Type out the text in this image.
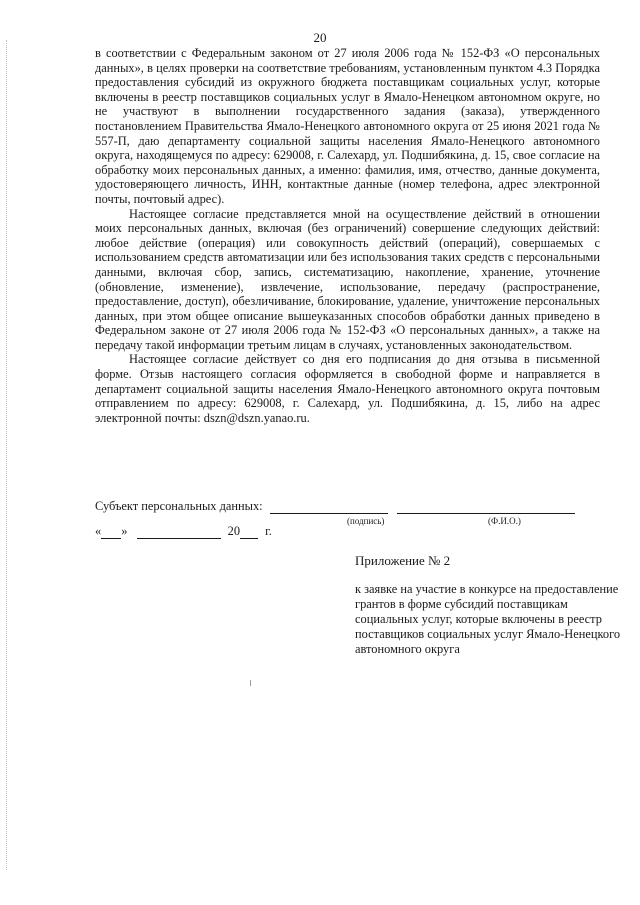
20

в соответствии с Федеральным законом от 27 июля 2006 года № 152-ФЗ «О персональных данных», в целях проверки на соответствие требованиям, установленным пунктом 4.3 Порядка предоставления субсидий из окружного бюджета поставщикам социальных услуг, которые включены в реестр поставщиков социальных услуг в Ямало-Ненецком автономном округе, но не участвуют в выполнении государственного задания (заказа), утвержденного постановлением Правительства Ямало-Ненецкого автономного округа от 25 июня 2021 года № 557-П, даю департаменту социальной защиты населения Ямало-Ненецкого автономного округа, находящемуся по адресу: 629008, г. Салехард, ул. Подшибякина, д. 15, свое согласие на обработку моих персональных данных, а именно: фамилия, имя, отчество, данные документа, удостоверяющего личность, ИНН, контактные данные (номер телефона, адрес электронной почты, почтовый адрес).

Настоящее согласие представляется мной на осуществление действий в отношении моих персональных данных, включая (без ограничений) совершение следующих действий: любое действие (операция) или совокупность действий (операций), совершаемых с использованием средств автоматизации или без использования таких средств с персональными данными, включая сбор, запись, систематизацию, накопление, хранение, уточнение (обновление, изменение), извлечение, использование, передачу (распространение, предоставление, доступ), обезличивание, блокирование, удаление, уничтожение персональных данных, при этом общее описание вышеуказанных способов обработки данных приведено в Федеральном законе от 27 июля 2006 года № 152-ФЗ «О персональных данных», а также на передачу такой информации третьим лицам в случаях, установленных законодательством.

Настоящее согласие действует со дня его подписания до дня отзыва в письменной форме. Отзыв настоящего согласия оформляется в свободной форме и направляется в департамент социальной защиты населения Ямало-Ненецкого автономного округа почтовым отправлением по адресу: 629008, г. Салехард, ул. Подшибякина, д. 15, либо на адрес электронной почты: dszn@dszn.yanao.ru.

Субъект персональных данных:
(подпись)	(Ф.И.О.)
« »	20 г.
Приложение № 2

к заявке на участие в конкурсе на предоставление грантов в форме субсидий поставщикам социальных услуг, которые включены в реестр поставщиков социальных услуг Ямало-Ненецкого автономного округа
